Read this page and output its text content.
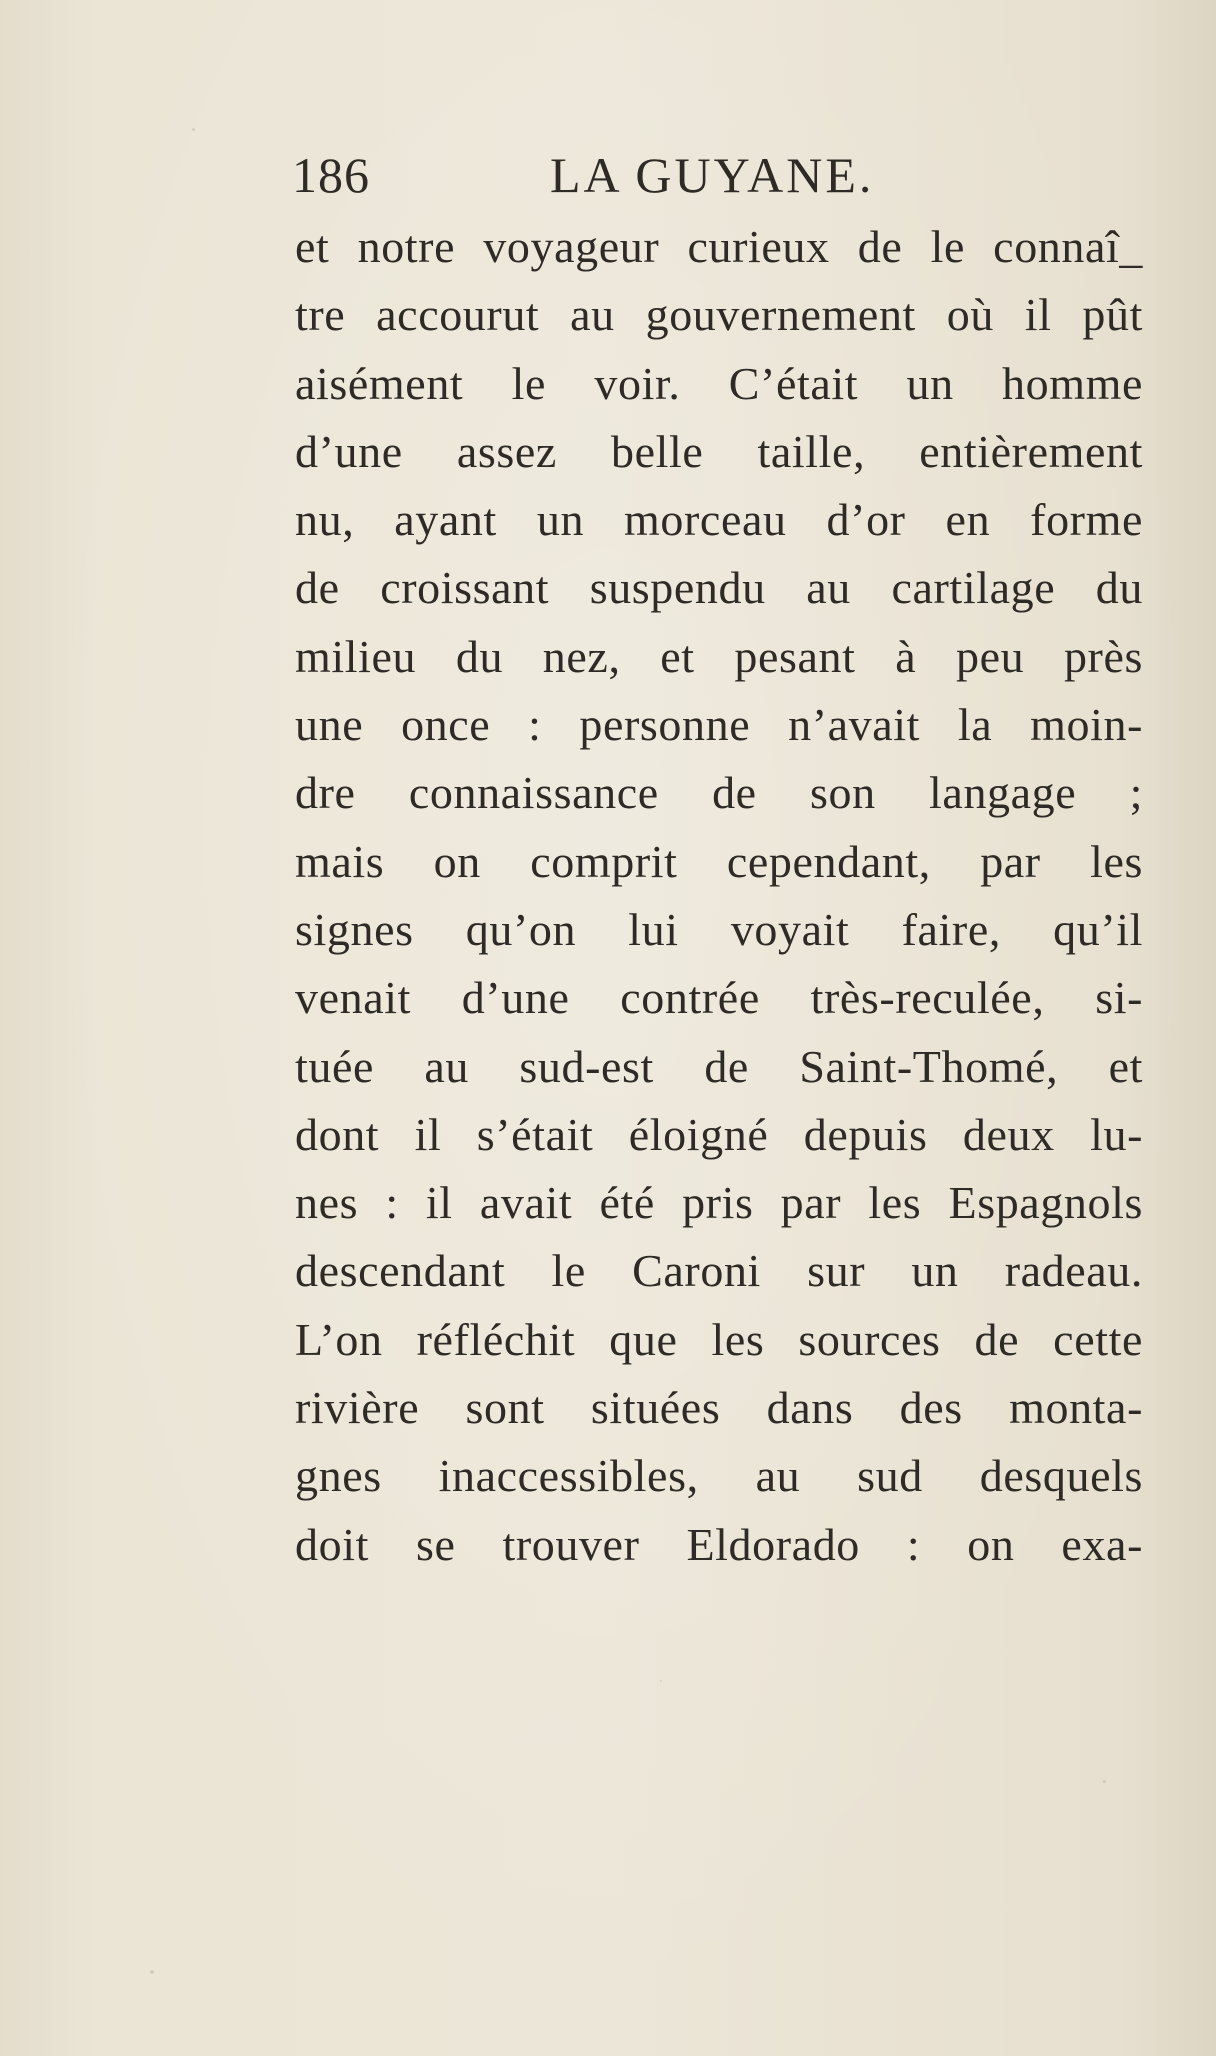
186	LA GUYANE.
et notre voyageur curieux de le connaî_
tre accourut au gouvernement où il pût
aisément le voir. C’était un homme
d’une assez belle taille, entièrement
nu, ayant un morceau d’or en forme
de croissant suspendu au cartilage du
milieu du nez, et pesant à peu près
une once : personne n’avait la moin-
dre connaissance de son langage ;
mais on comprit cependant, par les
signes qu’on lui voyait faire, qu’il
venait d’une contrée très-reculée, si-
tuée au sud-est de Saint-Thomé, et
dont il s’était éloigné depuis deux lu-
nes : il avait été pris par les Espagnols
descendant le Caroni sur un radeau.
L’on réfléchit que les sources de cette
rivière sont situées dans des monta-
gnes inaccessibles, au sud desquels
doit se trouver Eldorado : on exa-
